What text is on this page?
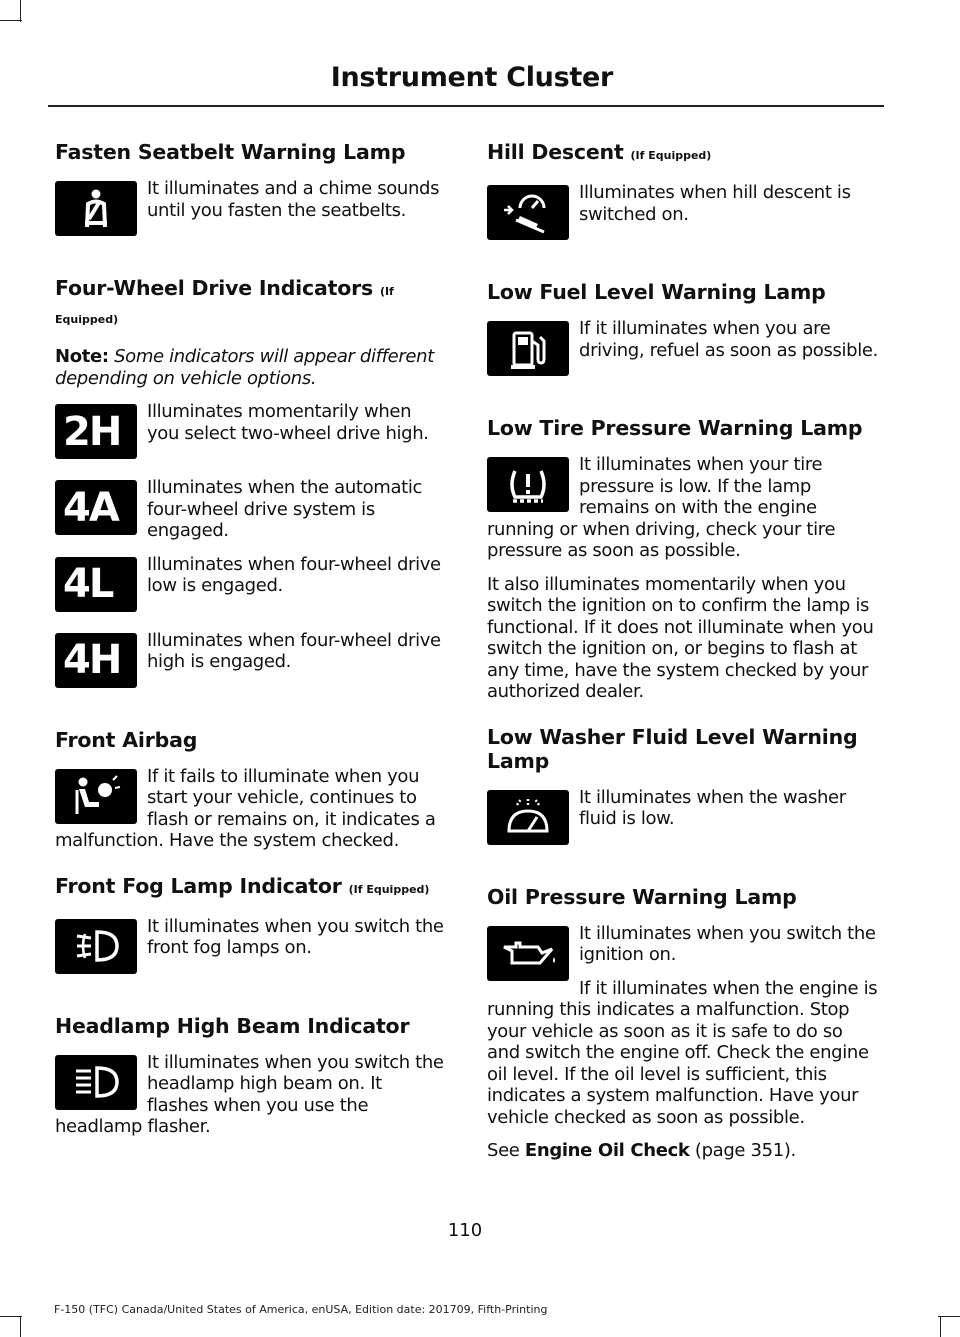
Instrument Cluster
Fasten Seatbelt Warning Lamp

It illuminates and a chime sounds until you fasten the seatbelts.

Four-Wheel Drive Indicators (If Equipped)

Note: Some indicators will appear different depending on vehicle options.

2H	Illuminates momentarily when you select two-wheel drive high.

4A	Illuminates when the automatic four-wheel drive system is engaged.

4L	Illuminates when four-wheel drive low is engaged.

4H	Illuminates when four-wheel drive high is engaged.

Front Airbag

If it fails to illuminate when you start your vehicle, continues to flash or remains on, it indicates a malfunction. Have the system checked.

Front Fog Lamp Indicator (If Equipped)

It illuminates when you switch the front fog lamps on.

Headlamp High Beam Indicator

It illuminates when you switch the headlamp high beam on. It flashes when you use the headlamp flasher.

Hill Descent (If Equipped)

Illuminates when hill descent is switched on.

Low Fuel Level Warning Lamp

If it illuminates when you are driving, refuel as soon as possible.

Low Tire Pressure Warning Lamp

It illuminates when your tire pressure is low. If the lamp remains on with the engine running or when driving, check your tire pressure as soon as possible.

It also illuminates momentarily when you switch the ignition on to confirm the lamp is functional. If it does not illuminate when you switch the ignition on, or begins to flash at any time, have the system checked by your authorized dealer.

Low Washer Fluid Level Warning Lamp

It illuminates when the washer fluid is low.

Oil Pressure Warning Lamp

It illuminates when you switch the ignition on.

If it illuminates when the engine is running this indicates a malfunction. Stop your vehicle as soon as it is safe to do so and switch the engine off. Check the engine oil level. If the oil level is sufficient, this indicates a system malfunction. Have your vehicle checked as soon as possible.

See Engine Oil Check (page 351).

110
F-150 (TFC) Canada/United States of America, enUSA, Edition date: 201709, Fifth-Printing
